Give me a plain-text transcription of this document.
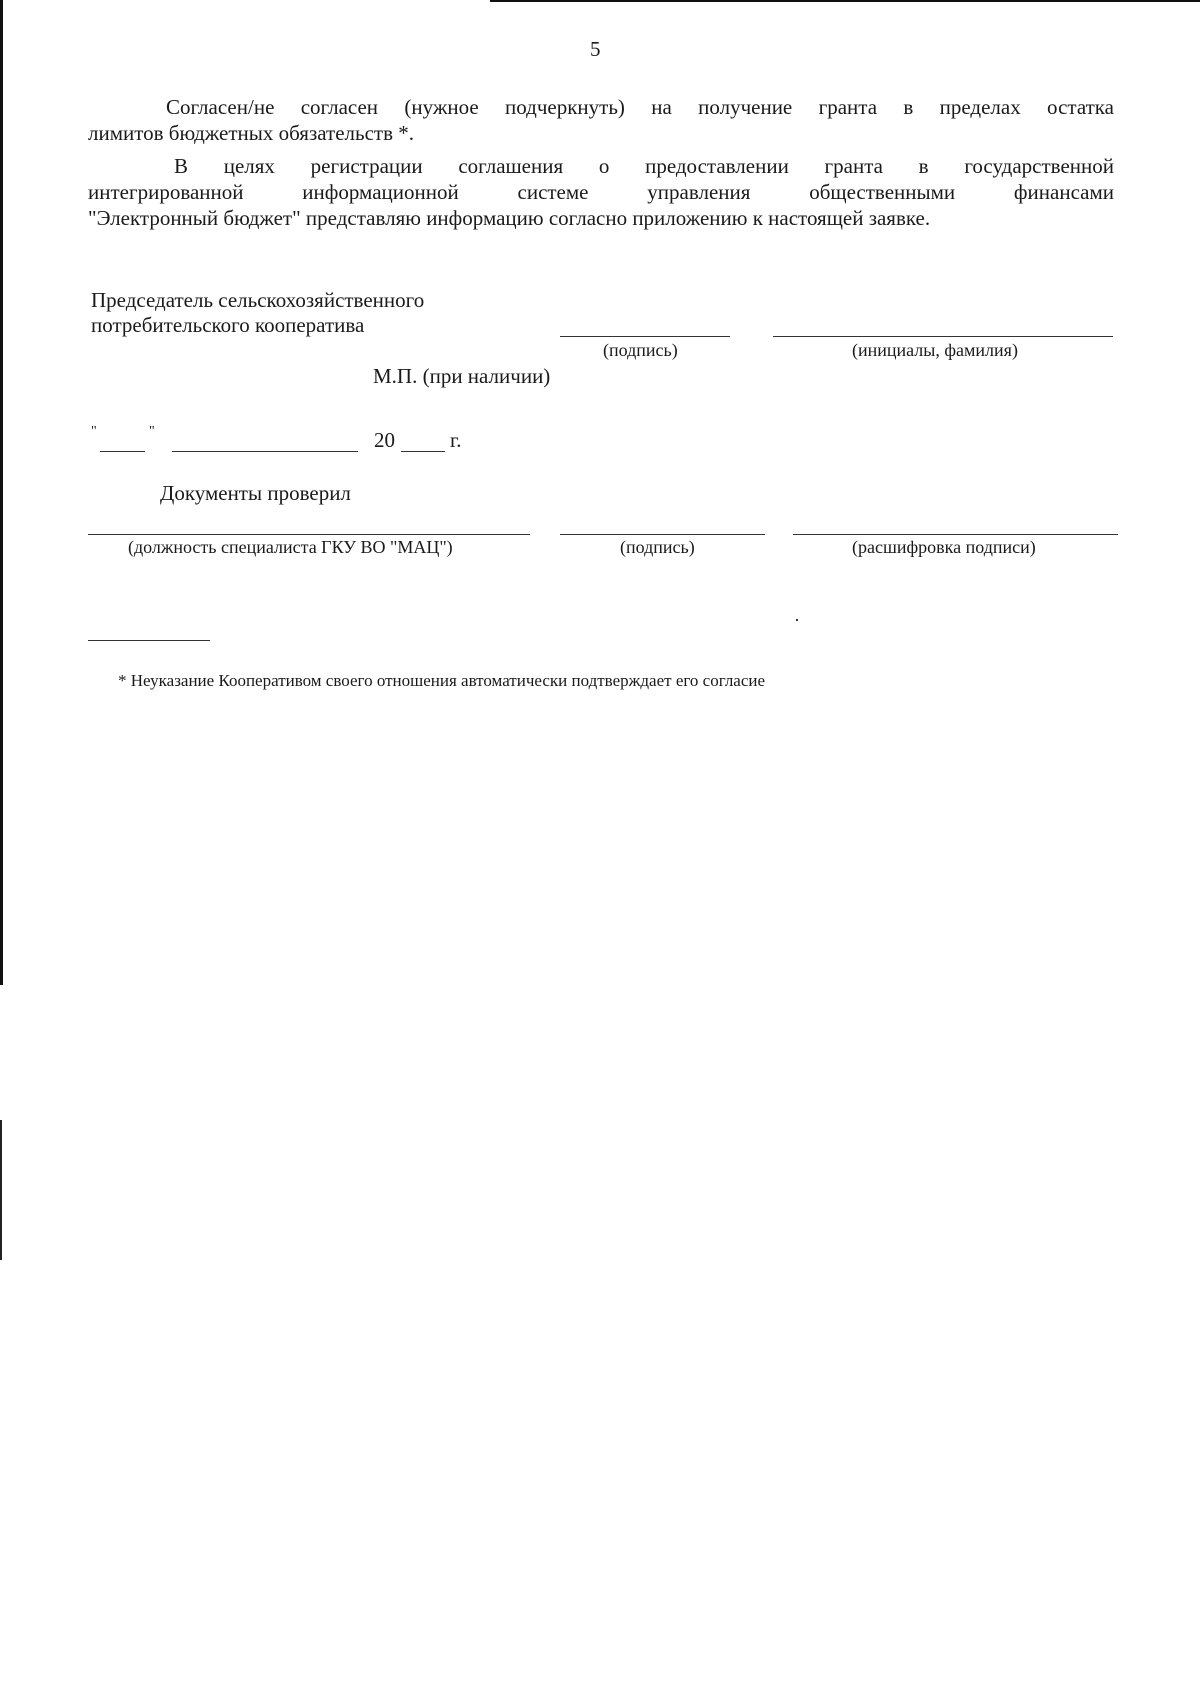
5
Согласен/не согласен (нужное подчеркнуть) на получение гранта в пределах остатка
лимитов бюджетных обязательств *.
В целях регистрации соглашения о предоставлении гранта в государственной
интегрированной информационной системе управления общественными финансами
"Электронный бюджет" представляю информацию согласно приложению к настоящей заявке.
Председатель сельскохозяйственного
потребительского кооператива
(подпись)	(инициалы, фамилия)
М.П. (при наличии)
"	"	20	г.
Документы проверил
(должность специалиста ГКУ ВО "МАЦ")	(подпись)	(расшифровка подписи)
* Неуказание Кооперативом своего отношения автоматически подтверждает его согласие
